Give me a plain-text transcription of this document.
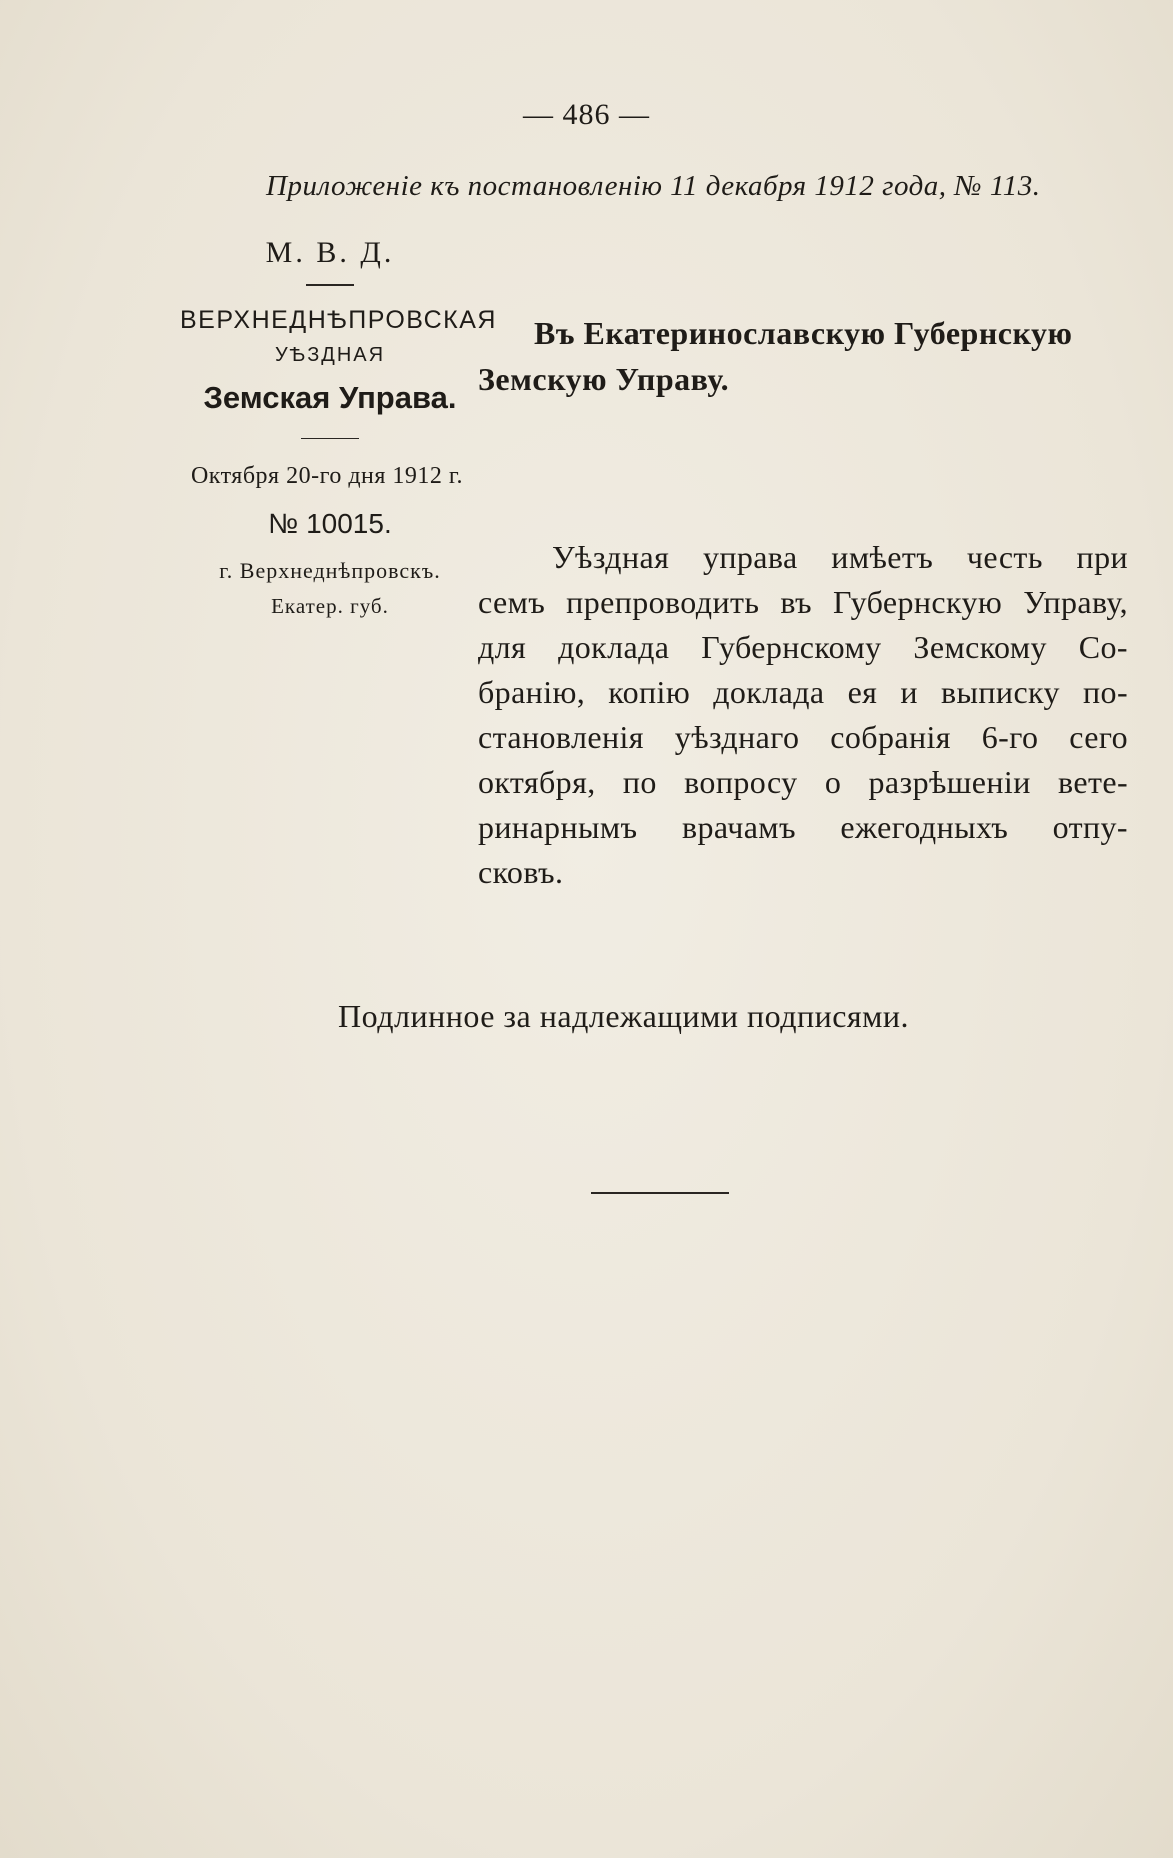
— 486 —
Приложеніе къ постановленію 11 декабря 1912 года, № 113.
М. В. Д.
ВЕРХНЕДНѢПРОВСКАЯ
УѢЗДНАЯ
Земская Управа.
Октября 20-го дня 1912 г.
№ 10015.
г. Верхнеднѣпровскъ.
Екатер. губ.
Въ Екатеринославскую Губернскую
Земскую Управу.
Уѣздная управа имѣетъ честь при
семъ препроводить въ Губернскую Управу,
для доклада Губернскому Земскому Со-
бранію, копію доклада ея и выписку по-
становленія уѣзднаго собранія 6-го сего
октября, по вопросу о разрѣшеніи вете-
ринарнымъ врачамъ ежегодныхъ отпу-
сковъ.
Подлинное за надлежащими подписями.
